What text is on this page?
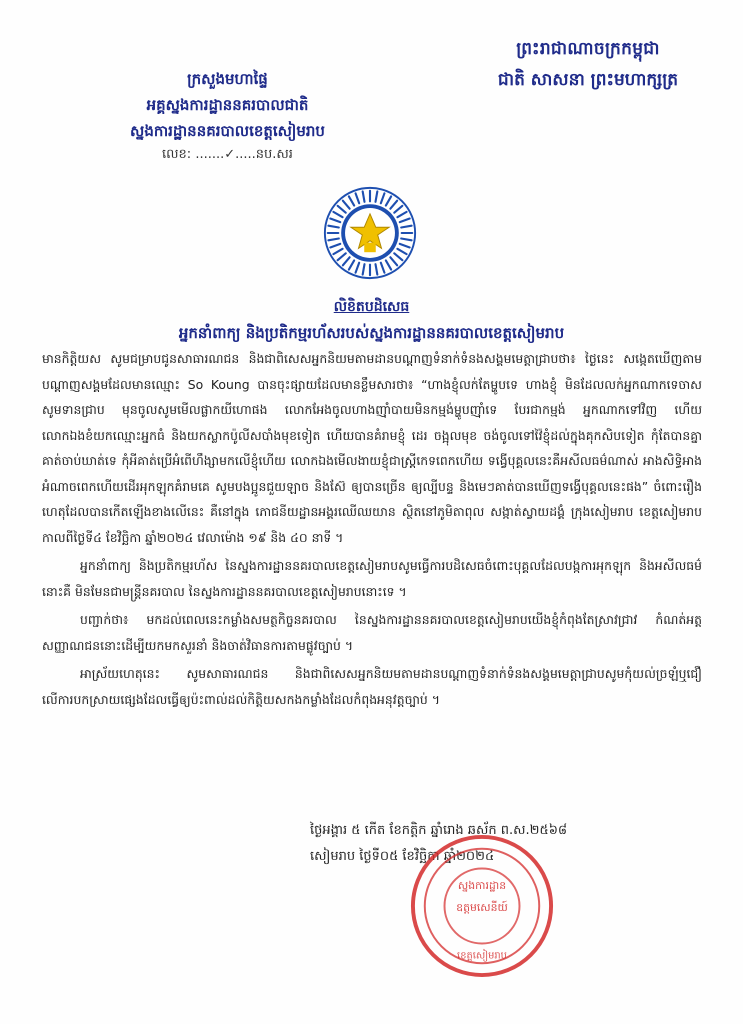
ព្រះរាជាណាចក្រកម្ពុជា
ជាតិ សាសនា ព្រះមហាក្សត្រ
ក្រសួងមហាផ្ទៃ
អគ្គស្នងការដ្ឋាននគរបាលជាតិ
ស្នងការដ្ឋាននគរបាលខេត្តសៀមរាប
លេខ: .......✓.....នប.សរ
លិខិតបដិសេធ
អ្នកនាំពាក្យ និងប្រតិកម្មរហ័សរបស់ស្នងការដ្ឋាននគរបាលខេត្តសៀមរាប

មានកិត្តិយស សូមជម្រាបជូនសាធារណជន និងជាពិសេសអ្នកនិយមតាមដានបណ្តាញទំនាក់ទំនងសង្គមមេត្តាជ្រាបថា៖ ថ្ងៃនេះ សង្កេតឃើញតាមបណ្តាញសង្គមដែលមានឈ្មោះ So Koung បានចុះផ្សាយដែលមានខ្លឹមសារថា៖ “ហាងខ្ញុំលក់តែម្ហូបទេ ហាងខ្ញុំ មិនដែលលក់អ្នកណាកទេចាស សូមទានជ្រាប មុនចូលសូមមើលផ្លាកយីហោផង លោកអែងចូលហាងញ៉ាំបាយមិនកម្មង់ម្ហូបញ៉ាំទេ បែរជាកម្មង់ អ្នកណាកទៅវិញ ហើយលោកឯងខំយកឈ្មោះអ្នកធំ និងយកស្លាកប៉ូលីសបាំងមុខទៀត ហើយបានគំរាមខ្ញុំ ដេរ ចង្អុលមុខ ចង់ចូលទៅវ៉ៃខ្ញុំដល់ក្នុងគុកសិបទៀត កុំតែបានគ្នាគាត់ចាប់ឃាត់ទេ កុំអីគាត់ប្រើអំពើហឹង្សាមកលើខ្ញុំហើយ លោកឯងមើលងាយខ្ញុំជាស្ត្រីកេទពេកហើយ ទង្វើបុគ្គលនេះគឺអសីលធម៌ណាស់ អាងសិទ្ធិអាងអំណាចពេកហើយដើរអុកឡុកគំរាមគេ សូមបងប្អូនជួយឡាច និងស៊ែ ឲ្យបានច្រើន ឲ្យល្បីបន្ទ និងមេៗគាត់បានឃើញទង្វើបុគ្គលនេះផង” ចំពោះរឿងហេតុដែលបានកើតឡើងខាងលើនេះ គឺនៅក្នុង ភោជនីយដ្ឋានអង្គរឈើឈយាន ស្ថិតនៅភូមិតាពុល សង្កាត់ស្វាយដង្គំ ក្រុងសៀមរាប ខេត្តសៀមរាប កាលពីថ្ងៃទី៤ ខែវិច្ឆិកា ឆ្នាំ២០២៤ វេលាម៉ោង ១៩ និង ៤០ នាទី ។

អ្នកនាំពាក្យ និងប្រតិកម្មរហ័ស នៃស្នងការដ្ឋាននគរបាលខេត្តសៀមរាបសូមធ្វើការបដិសេធចំពោះបុគ្គលដែលបង្កការអុកឡុក និងអសីលធម៌នោះគឺ មិនមែនជាមន្ត្រីនគរបាល នៃស្នងការដ្ឋាននគរបាលខេត្តសៀមរាបនោះទេ ។

បញ្ជាក់ថា៖ មកដល់ពេលនេះកម្លាំងសមត្ថកិច្ចនគរបាល នៃស្នងការដ្ឋាននគរបាលខេត្តសៀមរាបយើងខ្ញុំកំពុងតែស្រាវជ្រាវ កំណត់អត្តសញ្ញាណជននោះដើម្បីយកមកសួរនាំ និងចាត់វិធានការតាមផ្លូវច្បាប់ ។

អាស្រ័យហេតុនេះ សូមសាធារណជន និងជាពិសេសអ្នកនិយមតាមដានបណ្តាញទំនាក់ទំនងសង្គមមេត្តាជ្រាបសូមកុំយល់ច្រឡំឬជឿលើការបកស្រាយផ្សេងដែលធ្វើឲ្យប៉ះពាល់ដល់កិត្តិយសកងកម្លាំងដែលកំពុងអនុវត្តច្បាប់ ។

ថ្ងៃអង្គារ ៥ កើត ខែកត្តិក ឆ្នាំរោង ឆស័ក ព.ស.២៥៦៨
សៀមរាប ថ្ងៃទី០៥ ខែវិច្ឆិកា ឆ្នាំ២០២៤
ស្នងការដ្ឋាន
ឧត្តមសេនីយ៍
ខេត្តសៀមរាប
